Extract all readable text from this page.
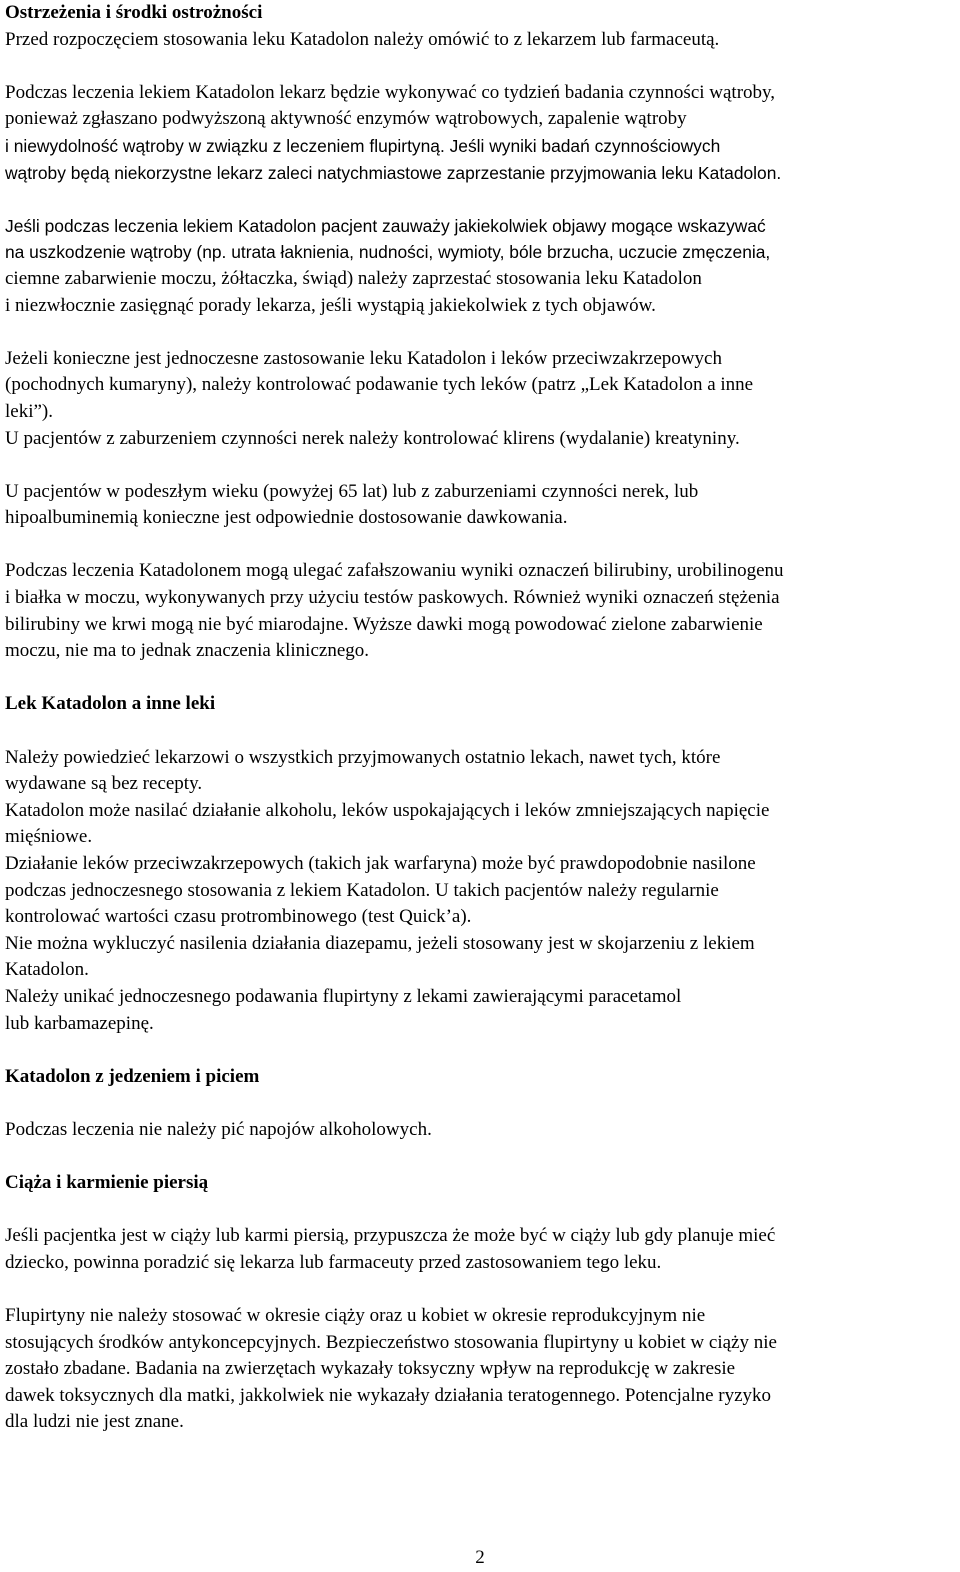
Ostrzeżenia i środki ostrożności
Przed rozpoczęciem stosowania leku Katadolon należy omówić to z lekarzem lub farmaceutą.
Podczas leczenia lekiem Katadolon lekarz będzie wykonywać co tydzień badania czynności wątroby,
ponieważ zgłaszano podwyższoną aktywność enzymów wątrobowych, zapalenie wątroby
i niewydolność wątroby w związku z leczeniem flupirtyną. Jeśli wyniki badań czynnościowych
wątroby będą niekorzystne lekarz zaleci natychmiastowe zaprzestanie przyjmowania leku Katadolon.
Jeśli podczas leczenia lekiem Katadolon pacjent zauważy jakiekolwiek objawy mogące wskazywać
na uszkodzenie wątroby (np. utrata łaknienia, nudności, wymioty, bóle brzucha, uczucie zmęczenia,
ciemne zabarwienie moczu, żółtaczka, świąd) należy zaprzestać stosowania leku Katadolon
i niezwłocznie zasięgnąć porady lekarza, jeśli wystąpią jakiekolwiek z tych objawów.
Jeżeli konieczne jest jednoczesne zastosowanie leku Katadolon i leków przeciwzakrzepowych
(pochodnych kumaryny), należy kontrolować podawanie tych leków (patrz „Lek Katadolon a inne
leki”).
U pacjentów z zaburzeniem czynności nerek należy kontrolować klirens (wydalanie) kreatyniny.
U pacjentów w podeszłym wieku (powyżej 65 lat) lub z zaburzeniami czynności nerek, lub
hipoalbuminemią konieczne jest odpowiednie dostosowanie dawkowania.
Podczas leczenia Katadolonem mogą ulegać zafałszowaniu wyniki oznaczeń bilirubiny, urobilinogenu
i białka w moczu, wykonywanych przy użyciu testów paskowych. Również wyniki oznaczeń stężenia
bilirubiny we krwi mogą nie być miarodajne. Wyższe dawki mogą powodować zielone zabarwienie
moczu, nie ma to jednak znaczenia klinicznego.
Lek Katadolon a inne leki
Należy powiedzieć lekarzowi o wszystkich przyjmowanych ostatnio lekach, nawet tych, które
wydawane są bez recepty.
Katadolon może nasilać działanie alkoholu, leków uspokajających i leków zmniejszających napięcie
mięśniowe.
Działanie leków przeciwzakrzepowych (takich jak warfaryna) może być prawdopodobnie nasilone
podczas jednoczesnego stosowania z lekiem Katadolon. U takich pacjentów należy regularnie
kontrolować wartości czasu protrombinowego (test Quick’a).
Nie można wykluczyć nasilenia działania diazepamu, jeżeli stosowany jest w skojarzeniu z lekiem
Katadolon.
Należy unikać jednoczesnego podawania flupirtyny z lekami zawierającymi paracetamol
lub karbamazepinę.
Katadolon z jedzeniem i piciem
Podczas leczenia nie należy pić napojów alkoholowych.
Ciąża i karmienie piersią
Jeśli pacjentka jest w ciąży lub karmi piersią, przypuszcza że może być w ciąży lub gdy planuje mieć
dziecko, powinna poradzić się lekarza lub farmaceuty przed zastosowaniem tego leku.
Flupirtyny nie należy stosować w okresie ciąży oraz u kobiet w okresie reprodukcyjnym nie
stosujących środków antykoncepcyjnych. Bezpieczeństwo stosowania flupirtyny u kobiet w ciąży nie
zostało zbadane. Badania na zwierzętach wykazały toksyczny wpływ na reprodukcję w zakresie
dawek toksycznych dla matki, jakkolwiek nie wykazały działania teratogennego. Potencjalne ryzyko
dla ludzi nie jest znane.
2
